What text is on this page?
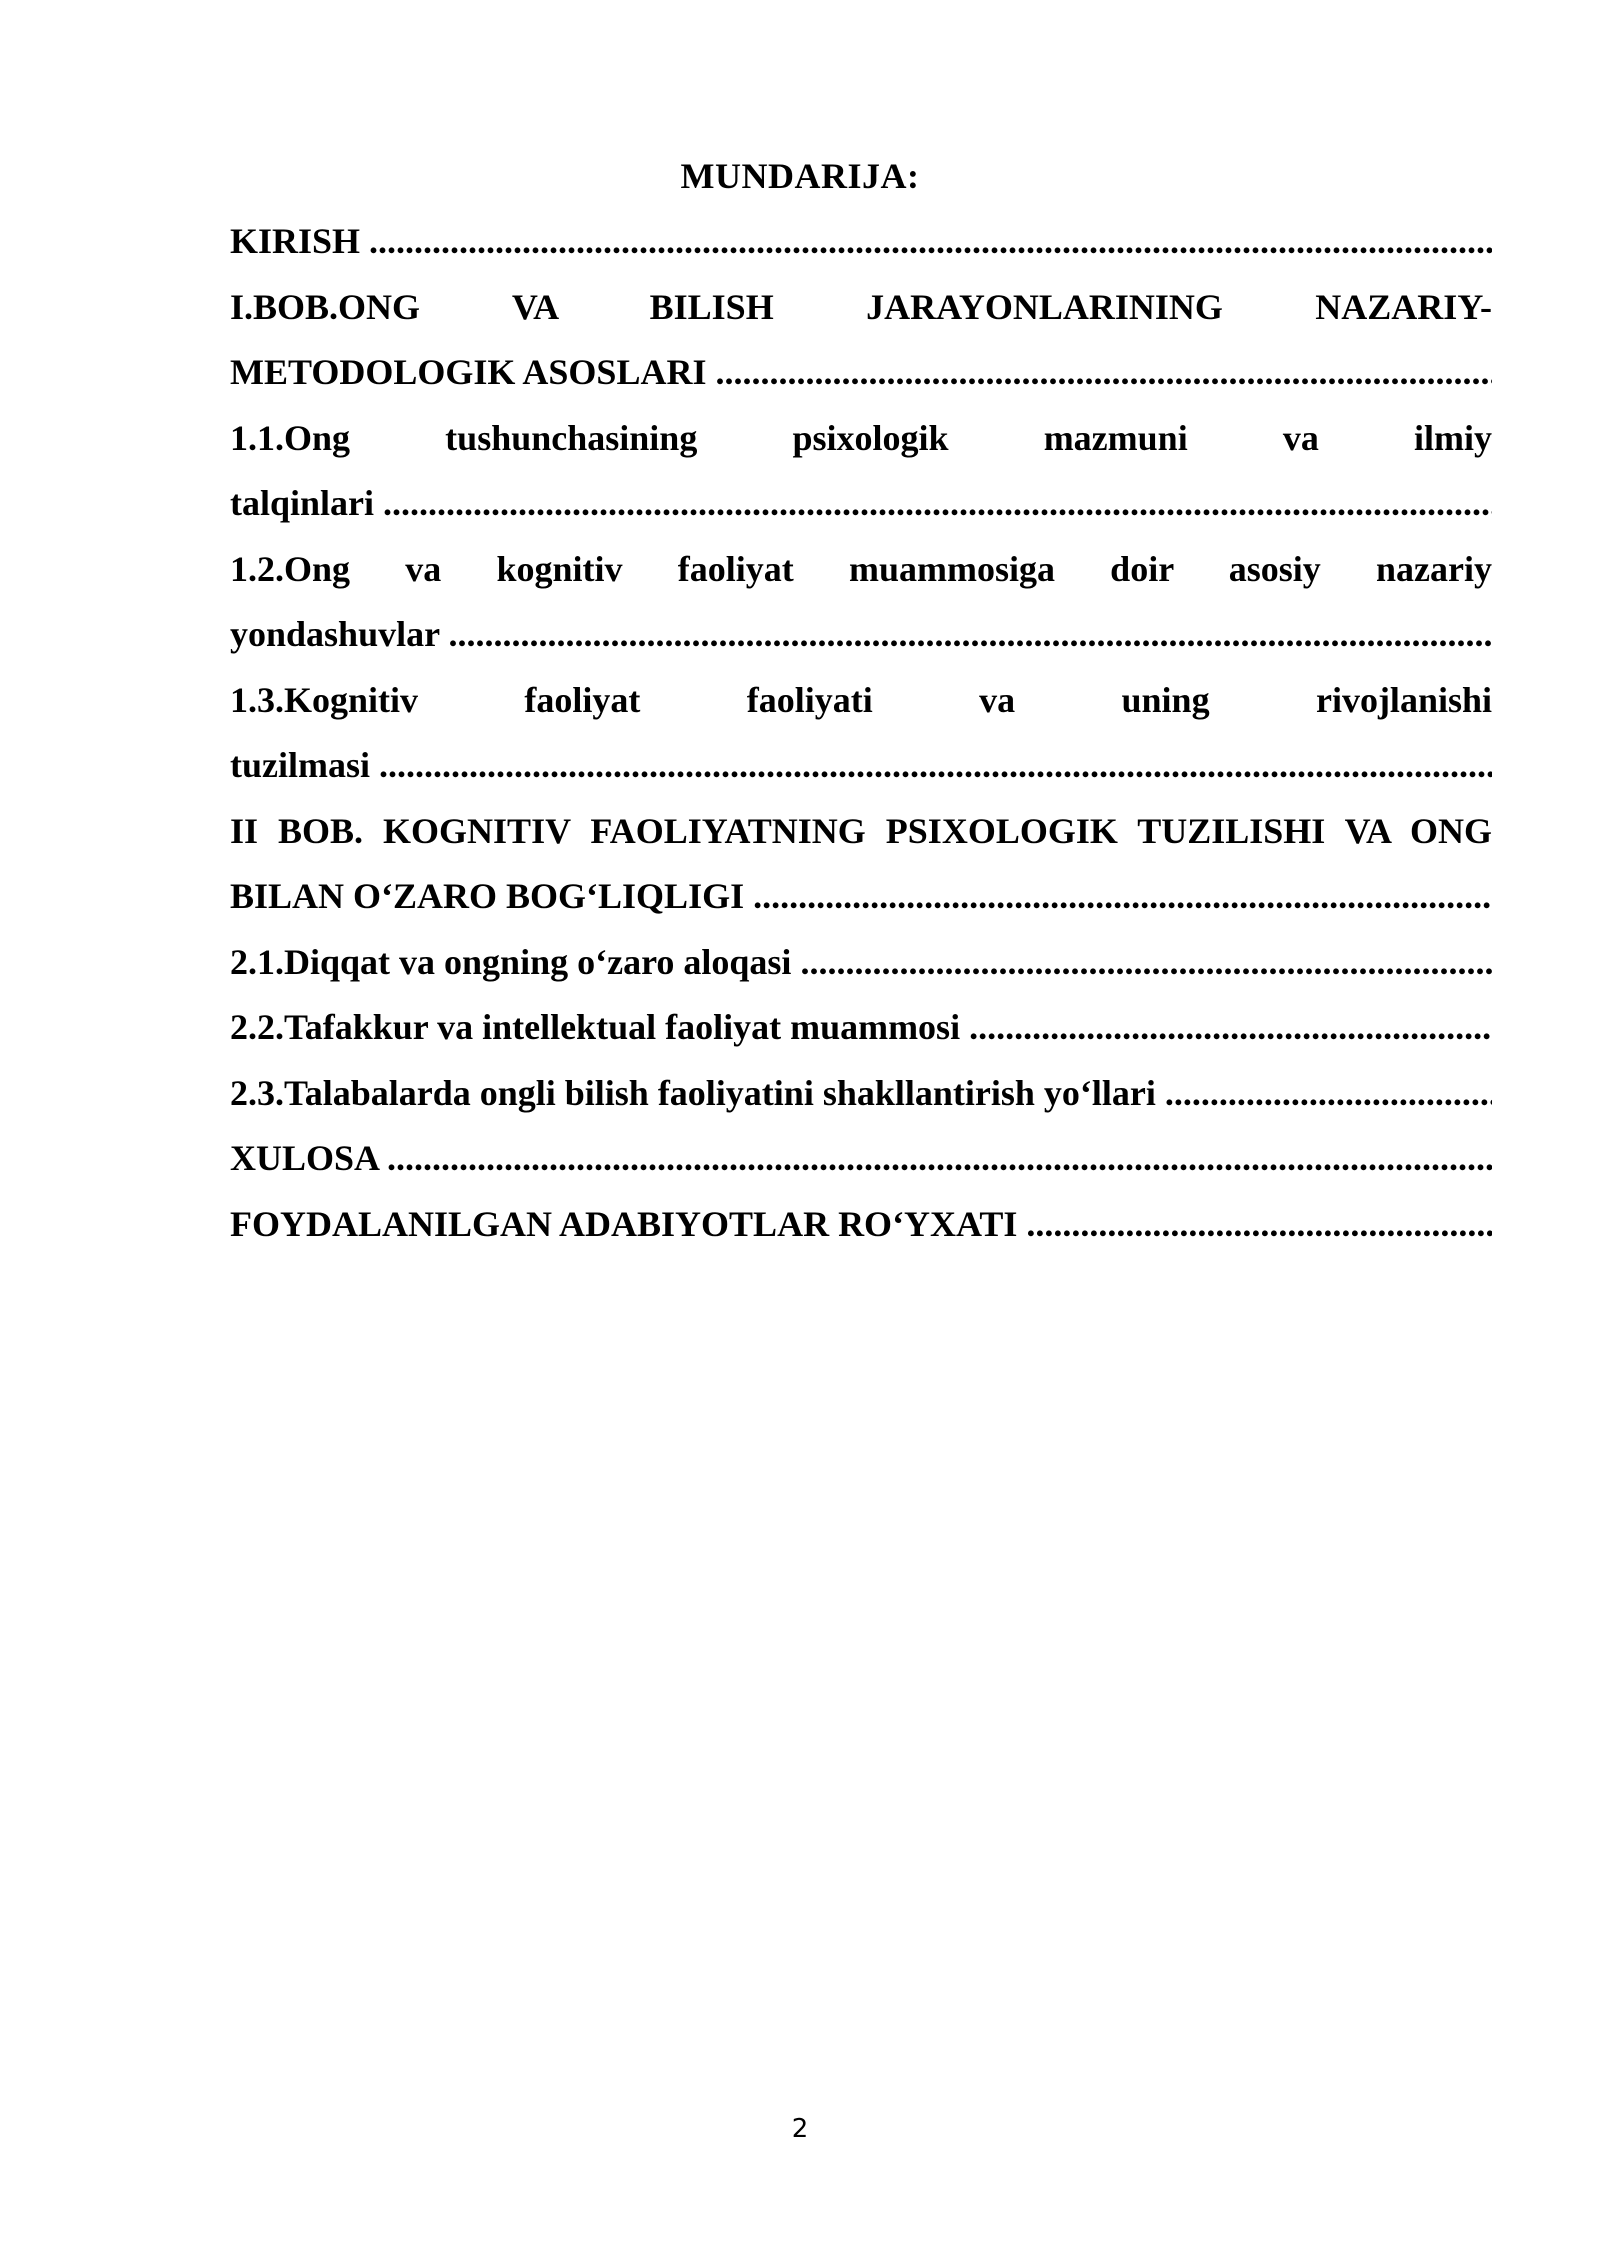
MUNDARIJA:
KIRISH .....
I.BOB.ONG VA BILISH JARAYONLARINING NAZARIY-
METODOLOGIK ASOSLARI .....
1.1.Ong tushunchasining psixologik mazmuni va ilmiy
talqinlari .....
1.2.Ong va kognitiv faoliyat muammosiga doir asosiy nazariy
yondashuvlar .....
1.3.Kognitiv faoliyat faoliyati va uning rivojlanishi
tuzilmasi .....
II BOB. KOGNITIV FAOLIYATNING PSIXOLOGIK TUZILISHI VA ONG
BILAN O‘ZARO BOG‘LIQLIGI .....
2.1.Diqqat va ongning o‘zaro aloqasi .....
2.2.Tafakkur va intellektual faoliyat muammosi .....
2.3.Talabalarda ongli bilish faoliyatini shakllantirish yo‘llari .....
XULOSA .....
FOYDALANILGAN ADABIYOTLAR RO‘YXATI .....
2
